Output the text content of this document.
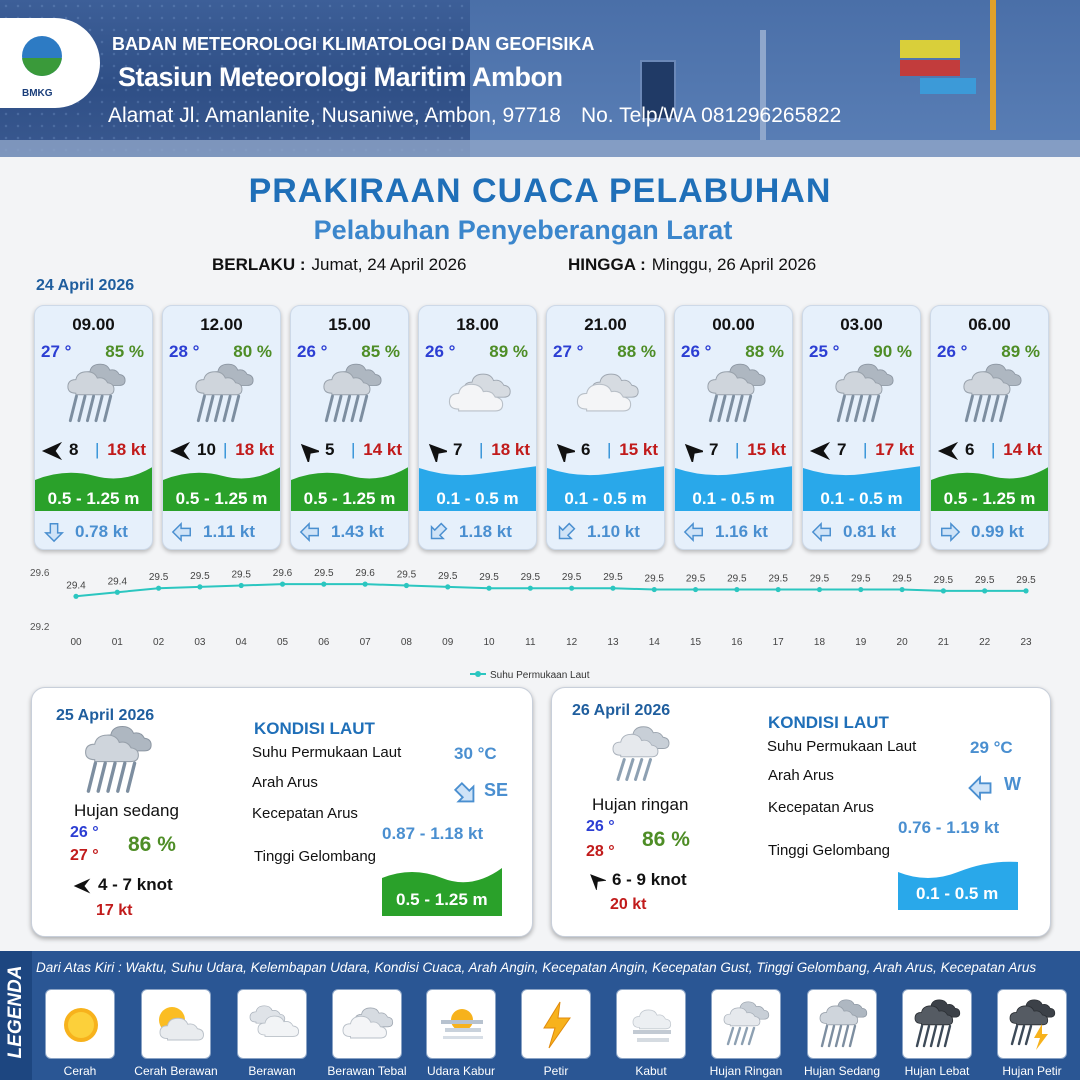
BMKG
BADAN METEOROLOGI KLIMATOLOGI DAN GEOFISIKA
Stasiun Meteorologi Maritim Ambon
Alamat Jl. Amanlanite, Nusaniwe, Ambon, 97718 No. Telp/WA 081296265822
PRAKIRAAN CUACA PELABUHAN
Pelabuhan Penyeberangan Larat
BERLAKU : Jumat, 24 April 2026	HINGGA : Minggu, 26 April 2026
24 April 2026
09.00
27 ° 85 %
8 | 18 kt
0.5 - 1.25 m
0.78 kt
12.00
28 ° 80 %
10 | 18 kt
0.5 - 1.25 m
1.11 kt
15.00
26 ° 85 %
5 | 14 kt
0.5 - 1.25 m
1.43 kt
18.00
26 ° 89 %
7 | 18 kt
0.1 - 0.5 m
1.18 kt
21.00
27 ° 88 %
6 | 15 kt
0.1 - 0.5 m
1.10 kt
00.00
26 ° 88 %
7 | 15 kt
0.1 - 0.5 m
1.16 kt
03.00
25 ° 90 %
7 | 17 kt
0.1 - 0.5 m
0.81 kt
06.00
26 ° 89 %
6 | 14 kt
0.5 - 1.25 m
0.99 kt
29.6
29.2
29.4
00
29.4
01
29.5
02
29.5
03
29.5
04
29.6
05
29.5
06
29.6
07
29.5
08
29.5
09
29.5
10
29.5
11
29.5
12
29.5
13
29.5
14
29.5
15
29.5
16
29.5
17
29.5
18
29.5
19
29.5
20
29.5
21
29.5
22
29.5
23
Suhu Permukaan Laut
25 April 2026
Hujan sedang
26 °
27 ° 86 %
4 - 7 knot
17 kt
KONDISI LAUT
Suhu Permukaan Laut	30 °C
Arah Arus	SE
Kecepatan Arus
0.87 - 1.18 kt
Tinggi Gelombang
0.5 - 1.25 m
26 April 2026
Hujan ringan
26 °
28 °
86 %
6 - 9 knot
20 kt
KONDISI LAUT
Suhu Permukaan Laut	29 °C
Arah Arus	W
Kecepatan Arus
0.76 - 1.19 kt
Tinggi Gelombang
0.1 - 0.5 m
LEGENDA Dari Atas Kiri : Waktu, Suhu Udara, Kelembapan Udara, Kondisi Cuaca, Arah Angin, Kecepatan Angin, Kecepatan Gust, Tinggi Gelombang, Arah Arus, Kecepatan Arus
Cerah	Cerah Berawan	Berawan	Berawan Tebal	Udara Kabur	Petir	Kabut	Hujan Ringan	Hujan Sedang	Hujan Lebat	Hujan Petir
